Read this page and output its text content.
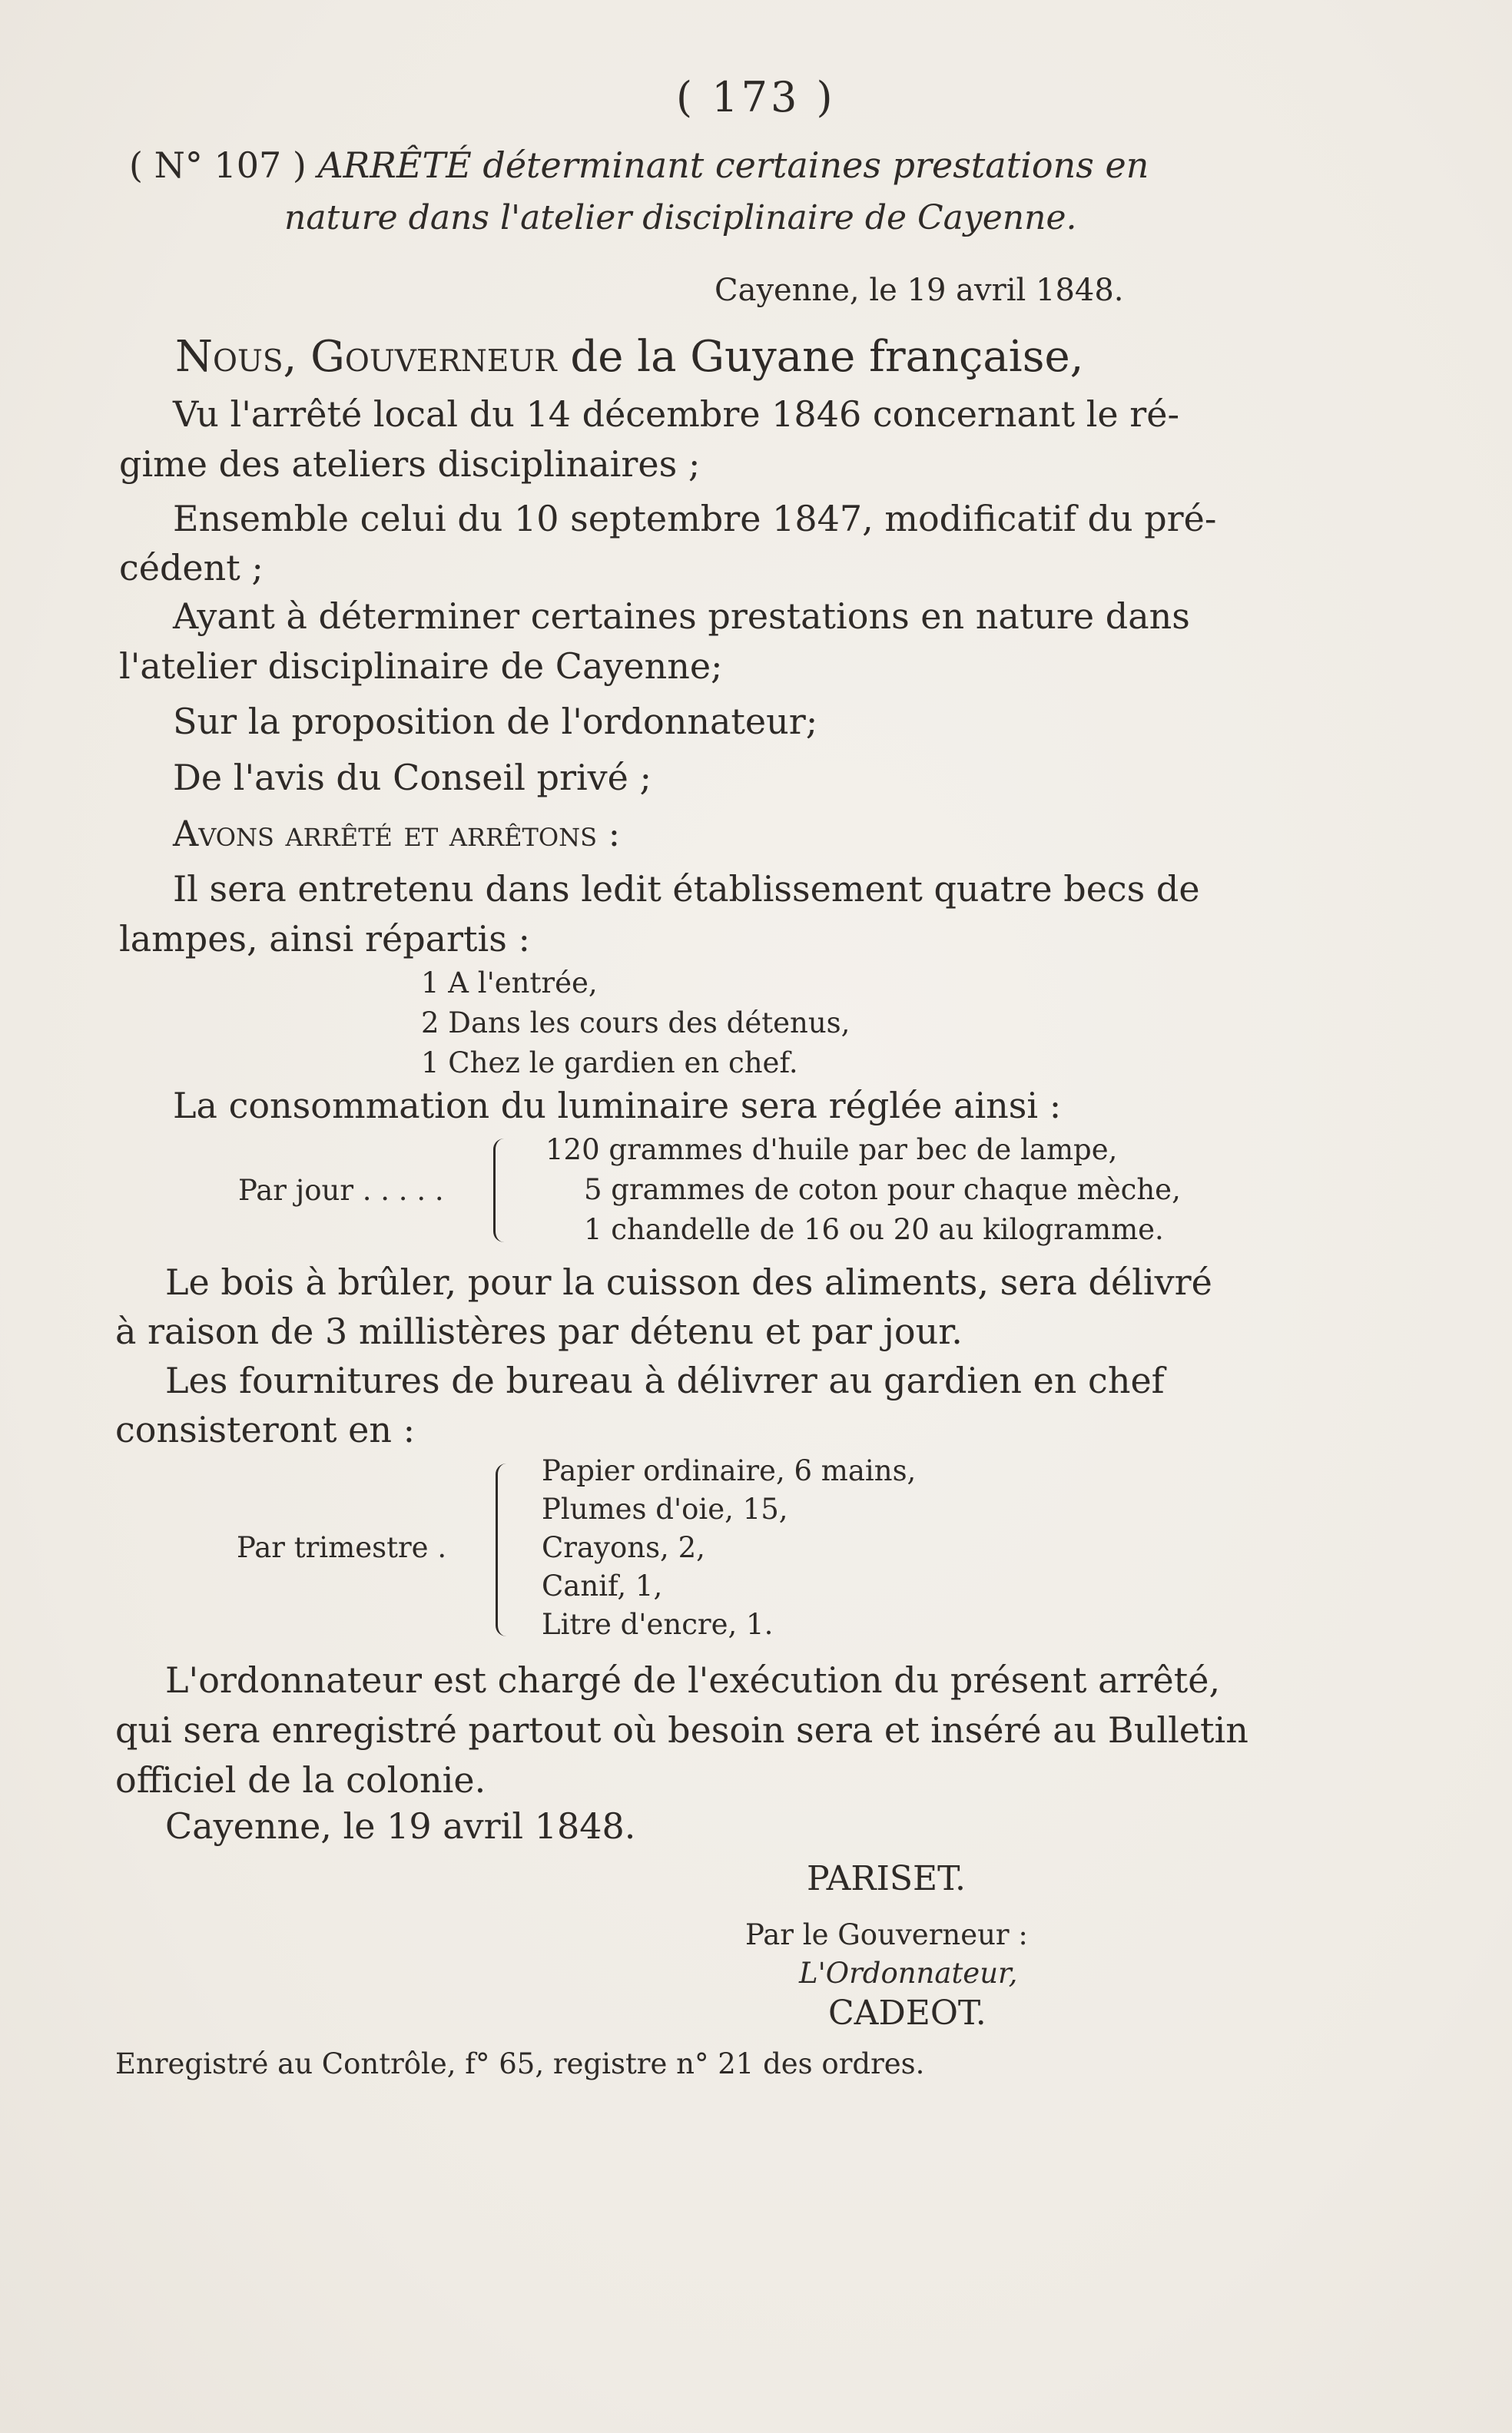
( 173 )
( N° 107 ) ARRÊTÉ déterminant certaines prestations en
nature dans l'atelier disciplinaire de Cayenne.
Cayenne, le 19 avril 1848.
Nous, Gouverneur de la Guyane française,
Vu l'arrêté local du 14 décembre 1846 concernant le ré-
gime des ateliers disciplinaires ;
Ensemble celui du 10 septembre 1847, modificatif du pré-
cédent ;
Ayant à déterminer certaines prestations en nature dans
l'atelier disciplinaire de Cayenne;
Sur la proposition de l'ordonnateur;
De l'avis du Conseil privé ;
Avons arrêté et arrêtons :
Il sera entretenu dans ledit établissement quatre becs de
lampes, ainsi répartis :
1 A l'entrée,
2 Dans les cours des détenus,
1 Chez le gardien en chef.
La consommation du luminaire sera réglée ainsi :
Par jour . . . . .
120 grammes d'huile par bec de lampe,
5 grammes de coton pour chaque mèche,
1 chandelle de 16 ou 20 au kilogramme.
Le bois à brûler, pour la cuisson des aliments, sera délivré
à raison de 3 millistères par détenu et par jour.
Les fournitures de bureau à délivrer au gardien en chef
consisteront en :
Par trimestre .
Papier ordinaire, 6 mains,
Plumes d'oie, 15,
Crayons, 2,
Canif, 1,
Litre d'encre, 1.
L'ordonnateur est chargé de l'exécution du présent arrêté,
qui sera enregistré partout où besoin sera et inséré au Bulletin
officiel de la colonie.
Cayenne, le 19 avril 1848.
PARISET.
Par le Gouverneur :
L'Ordonnateur,
CADEOT.
Enregistré au Contrôle, f° 65, registre n° 21 des ordres.
